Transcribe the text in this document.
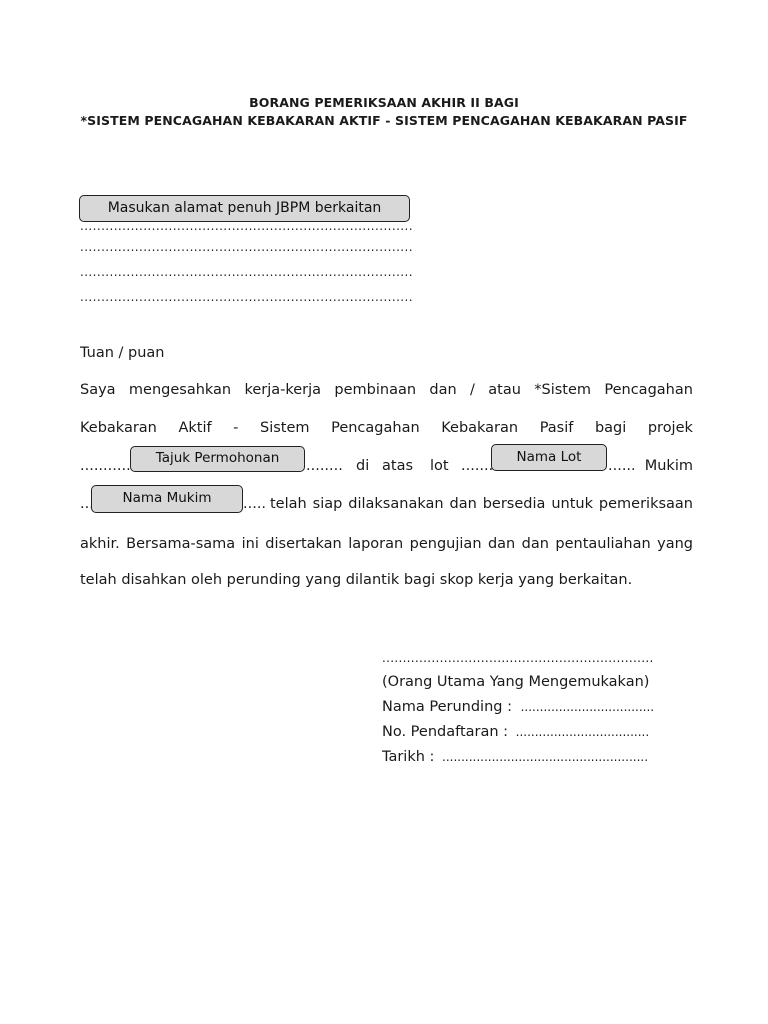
BORANG PEMERIKSAAN AKHIR II BAGI
*SISTEM PENCAGAHAN KEBAKARAN AKTIF - SISTEM PENCAGAHAN KEBAKARAN PASIF
.....
.....
.....
.....
Masukan alamat penuh JBPM berkaitan
Tuan / puan
Saya mengesahkan kerja-kerja pembinaan dan / atau *Sistem Pencagahan
Kebakaran Aktif - Sistem Pencagahan Kebakaran Pasif bagi projek
.....
.....
di atas lot ..... .....	Mukim
Tajuk Permohonan	Nama Lot
.....
.....
telah siap dilaksanakan dan bersedia untuk pemeriksaan
Nama Mukim
akhir. Bersama-sama ini disertakan laporan pengujian dan dan pentauliahan yang
telah disahkan oleh perunding yang dilantik bagi skop kerja yang berkaitan.
..................................................................
(Orang Utama Yang Mengemukakan)
Nama Perunding : ...................................
No. Pendaftaran : ...................................
Tarikh : ......................................................
